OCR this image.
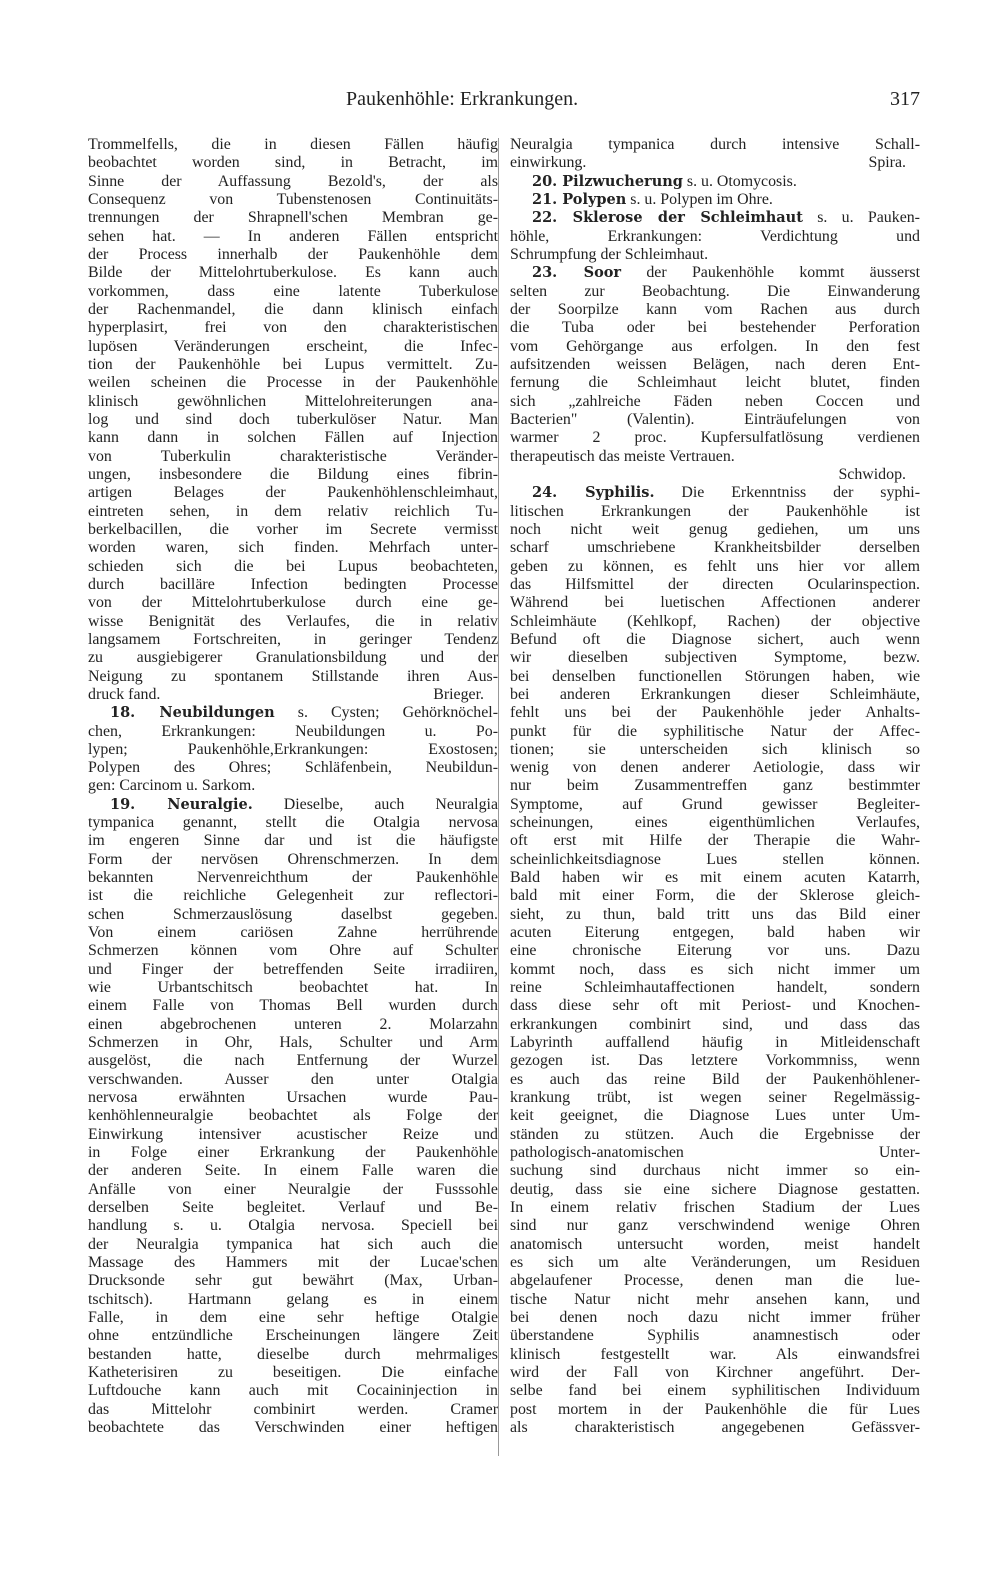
Paukenhöhle: Erkrankungen.	317
Trommelfells, die in diesen Fällen häufig
beobachtet worden sind, in Betracht, im
Sinne der Auffassung Bezold's, der als
Consequenz von Tubenstenosen Continuitäts-
trennungen der Shrapnell'schen Membran ge-
sehen hat. — In anderen Fällen entspricht
der Process innerhalb der Paukenhöhle dem
Bilde der Mittelohrtuberkulose. Es kann auch
vorkommen, dass eine latente Tuberkulose
der Rachenmandel, die dann klinisch einfach
hyperplasirt, frei von den charakteristischen
lupösen Veränderungen erscheint, die Infec-
tion der Paukenhöhle bei Lupus vermittelt. Zu-
weilen scheinen die Processe in der Paukenhöhle
klinisch gewöhnlichen Mittelohreiterungen ana-
log und sind doch tuberkulöser Natur. Man
kann dann in solchen Fällen auf Injection
von Tuberkulin charakteristische Veränder-
ungen, insbesondere die Bildung eines fibrin-
artigen Belages der Paukenhöhlenschleimhaut,
eintreten sehen, in dem relativ reichlich Tu-
berkelbacillen, die vorher im Secrete vermisst
worden waren, sich finden. Mehrfach unter-
schieden sich die bei Lupus beobachteten,
durch bacilläre Infection bedingten Processe
von der Mittelohrtuberkulose durch eine ge-
wisse Benignität des Verlaufes, die in relativ
langsamem Fortschreiten, in geringer Tendenz
zu ausgiebigerer Granulationsbildung und der
Neigung zu spontanem Stillstande ihren Aus-
druck fand.	Brieger.
18. Neubildungen s. Cysten; Gehörknöchel-
chen, Erkrankungen: Neubildungen u. Po-
lypen; Paukenhöhle,Erkrankungen: Exostosen;
Polypen des Ohres; Schläfenbein, Neubildun-
gen: Carcinom u. Sarkom.
19. Neuralgie. Dieselbe, auch Neuralgia
tympanica genannt, stellt die Otalgia nervosa
im engeren Sinne dar und ist die häufigste
Form der nervösen Ohrenschmerzen. In dem
bekannten Nervenreichthum der Paukenhöhle
ist die reichliche Gelegenheit zur reflectori-
schen Schmerzauslösung daselbst gegeben.
Von einem cariösen Zahne herrührende
Schmerzen können vom Ohre auf Schulter
und Finger der betreffenden Seite irradiiren,
wie Urbantschitsch beobachtet hat. In
einem Falle von Thomas Bell wurden durch
einen abgebrochenen unteren 2. Molarzahn
Schmerzen in Ohr, Hals, Schulter und Arm
ausgelöst, die nach Entfernung der Wurzel
verschwanden. Ausser den unter Otalgia
nervosa erwähnten Ursachen wurde Pau-
kenhöhlenneuralgie beobachtet als Folge der
Einwirkung intensiver acustischer Reize und
in Folge einer Erkrankung der Paukenhöhle
der anderen Seite. In einem Falle waren die
Anfälle von einer Neuralgie der Fusssohle
derselben Seite begleitet. Verlauf und Be-
handlung s. u. Otalgia nervosa. Speciell bei
der Neuralgia tympanica hat sich auch die
Massage des Hammers mit der Lucae'schen
Drucksonde sehr gut bewährt (Max, Urban-
tschitsch). Hartmann gelang es in einem
Falle, in dem eine sehr heftige Otalgie
ohne entzündliche Erscheinungen längere Zeit
bestanden hatte, dieselbe durch mehrmaliges
Katheterisiren zu beseitigen. Die einfache
Luftdouche kann auch mit Cocaininjection in
das Mittelohr combinirt werden. Cramer
beobachtete das Verschwinden einer heftigen
Neuralgia tympanica durch intensive Schall-
einwirkung.	Spira.
20. Pilzwucherung s. u. Otomycosis.
21. Polypen s. u. Polypen im Ohre.
22. Sklerose der Schleimhaut s. u. Pauken-
höhle, Erkrankungen: Verdichtung und
Schrumpfung der Schleimhaut.
23. Soor der Paukenhöhle kommt äusserst
selten zur Beobachtung. Die Einwanderung
der Soorpilze kann vom Rachen aus durch
die Tuba oder bei bestehender Perforation
vom Gehörgange aus erfolgen. In den fest
aufsitzenden weissen Belägen, nach deren Ent-
fernung die Schleimhaut leicht blutet, finden
sich „zahlreiche Fäden neben Coccen und
Bacterien" (Valentin). Einträufelungen von
warmer 2 proc. Kupfersulfatlösung verdienen
therapeutisch das meiste Vertrauen.
Schwidop.
24. Syphilis. Die Erkenntniss der syphi-
litischen Erkrankungen der Paukenhöhle ist
noch nicht weit genug gediehen, um uns
scharf umschriebene Krankheitsbilder derselben
geben zu können, es fehlt uns hier vor allem
das Hilfsmittel der directen Ocularinspection.
Während bei luetischen Affectionen anderer
Schleimhäute (Kehlkopf, Rachen) der objective
Befund oft die Diagnose sichert, auch wenn
wir dieselben subjectiven Symptome, bezw.
bei denselben functionellen Störungen haben, wie
bei anderen Erkrankungen dieser Schleimhäute,
fehlt uns bei der Paukenhöhle jeder Anhalts-
punkt für die syphilitische Natur der Affec-
tionen; sie unterscheiden sich klinisch so
wenig von denen anderer Aetiologie, dass wir
nur beim Zusammentreffen ganz bestimmter
Symptome, auf Grund gewisser Begleiter-
scheinungen, eines eigenthümlichen Verlaufes,
oft erst mit Hilfe der Therapie die Wahr-
scheinlichkeitsdiagnose Lues stellen können.
Bald haben wir es mit einem acuten Katarrh,
bald mit einer Form, die der Sklerose gleich-
sieht, zu thun, bald tritt uns das Bild einer
acuten Eiterung entgegen, bald haben wir
eine chronische Eiterung vor uns. Dazu
kommt noch, dass es sich nicht immer um
reine Schleimhautaffectionen handelt, sondern
dass diese sehr oft mit Periost- und Knochen-
erkrankungen combinirt sind, und dass das
Labyrinth auffallend häufig in Mitleidenschaft
gezogen ist. Das letztere Vorkommniss, wenn
es auch das reine Bild der Paukenhöhlener-
krankung trübt, ist wegen seiner Regelmässig-
keit geeignet, die Diagnose Lues unter Um-
ständen zu stützen. Auch die Ergebnisse der
pathologisch-anatomischen Unter-
suchung sind durchaus nicht immer so ein-
deutig, dass sie eine sichere Diagnose gestatten.
In einem relativ frischen Stadium der Lues
sind nur ganz verschwindend wenige Ohren
anatomisch untersucht worden, meist handelt
es sich um alte Veränderungen, um Residuen
abgelaufener Processe, denen man die lue-
tische Natur nicht mehr ansehen kann, und
bei denen noch dazu nicht immer früher
überstandene Syphilis anamnestisch oder
klinisch festgestellt war. Als einwandsfrei
wird der Fall von Kirchner angeführt. Der-
selbe fand bei einem syphilitischen Individuum
post mortem in der Paukenhöhle die für Lues
als charakteristisch angegebenen Gefässver-
